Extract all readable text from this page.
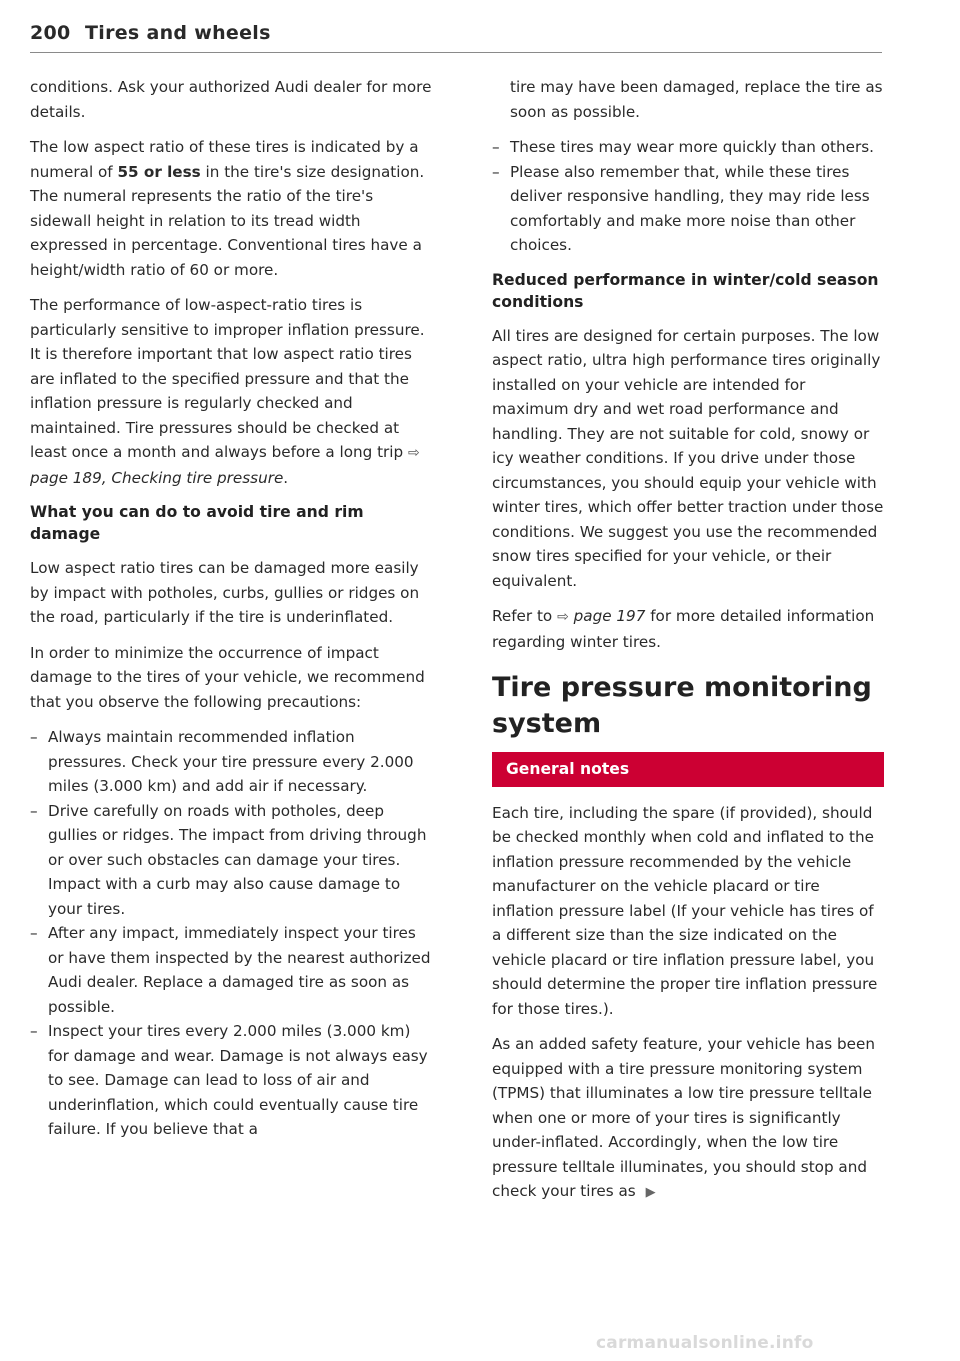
200 Tires and wheels

conditions. Ask your authorized Audi dealer for more details.

The low aspect ratio of these tires is indicated by a numeral of 55 or less in the tire's size designation. The numeral represents the ratio of the tire's sidewall height in relation to its tread width expressed in percentage. Conventional tires have a height/width ratio of 60 or more.

The performance of low-aspect-ratio tires is particularly sensitive to improper inflation pressure. It is therefore important that low aspect ratio tires are inflated to the specified pressure and that the inflation pressure is regularly checked and maintained. Tire pressures should be checked at least once a month and always before a long trip ⇨ page 189, Checking tire pressure.

What you can do to avoid tire and rim damage

Low aspect ratio tires can be damaged more easily by impact with potholes, curbs, gullies or ridges on the road, particularly if the tire is underinflated.

In order to minimize the occurrence of impact damage to the tires of your vehicle, we recommend that you observe the following precautions:

– Always maintain recommended inflation pressures. Check your tire pressure every 2.000 miles (3.000 km) and add air if necessary.
– Drive carefully on roads with potholes, deep gullies or ridges. The impact from driving through or over such obstacles can damage your tires. Impact with a curb may also cause damage to your tires.
– After any impact, immediately inspect your tires or have them inspected by the nearest authorized Audi dealer. Replace a damaged tire as soon as possible.
– Inspect your tires every 2.000 miles (3.000 km) for damage and wear. Damage is not always easy to see. Damage can lead to loss of air and underinflation, which could eventually cause tire failure. If you believe that a

tire may have been damaged, replace the tire as soon as possible.

– These tires may wear more quickly than others.
– Please also remember that, while these tires deliver responsive handling, they may ride less comfortably and make more noise than other choices.
Reduced performance in winter/cold season conditions

All tires are designed for certain purposes. The low aspect ratio, ultra high performance tires originally installed on your vehicle are intended for maximum dry and wet road performance and handling. They are not suitable for cold, snowy or icy weather conditions. If you drive under those circumstances, you should equip your vehicle with winter tires, which offer better traction under those conditions. We suggest you use the recommended snow tires specified for your vehicle, or their equivalent.

Refer to ⇨ page 197 for more detailed information regarding winter tires.

Tire pressure monitoring system
General notes

Each tire, including the spare (if provided), should be checked monthly when cold and inflated to the inflation pressure recommended by the vehicle manufacturer on the vehicle placard or tire inflation pressure label (If your vehicle has tires of a different size than the size indicated on the vehicle placard or tire inflation pressure label, you should determine the proper tire inflation pressure for those tires.).

As an added safety feature, your vehicle has been equipped with a tire pressure monitoring system (TPMS) that illuminates a low tire pressure telltale when one or more of your tires is significantly under-inflated. Accordingly, when the low tire pressure telltale illuminates, you should stop and check your tires as ▶

carmanualsonline.info
